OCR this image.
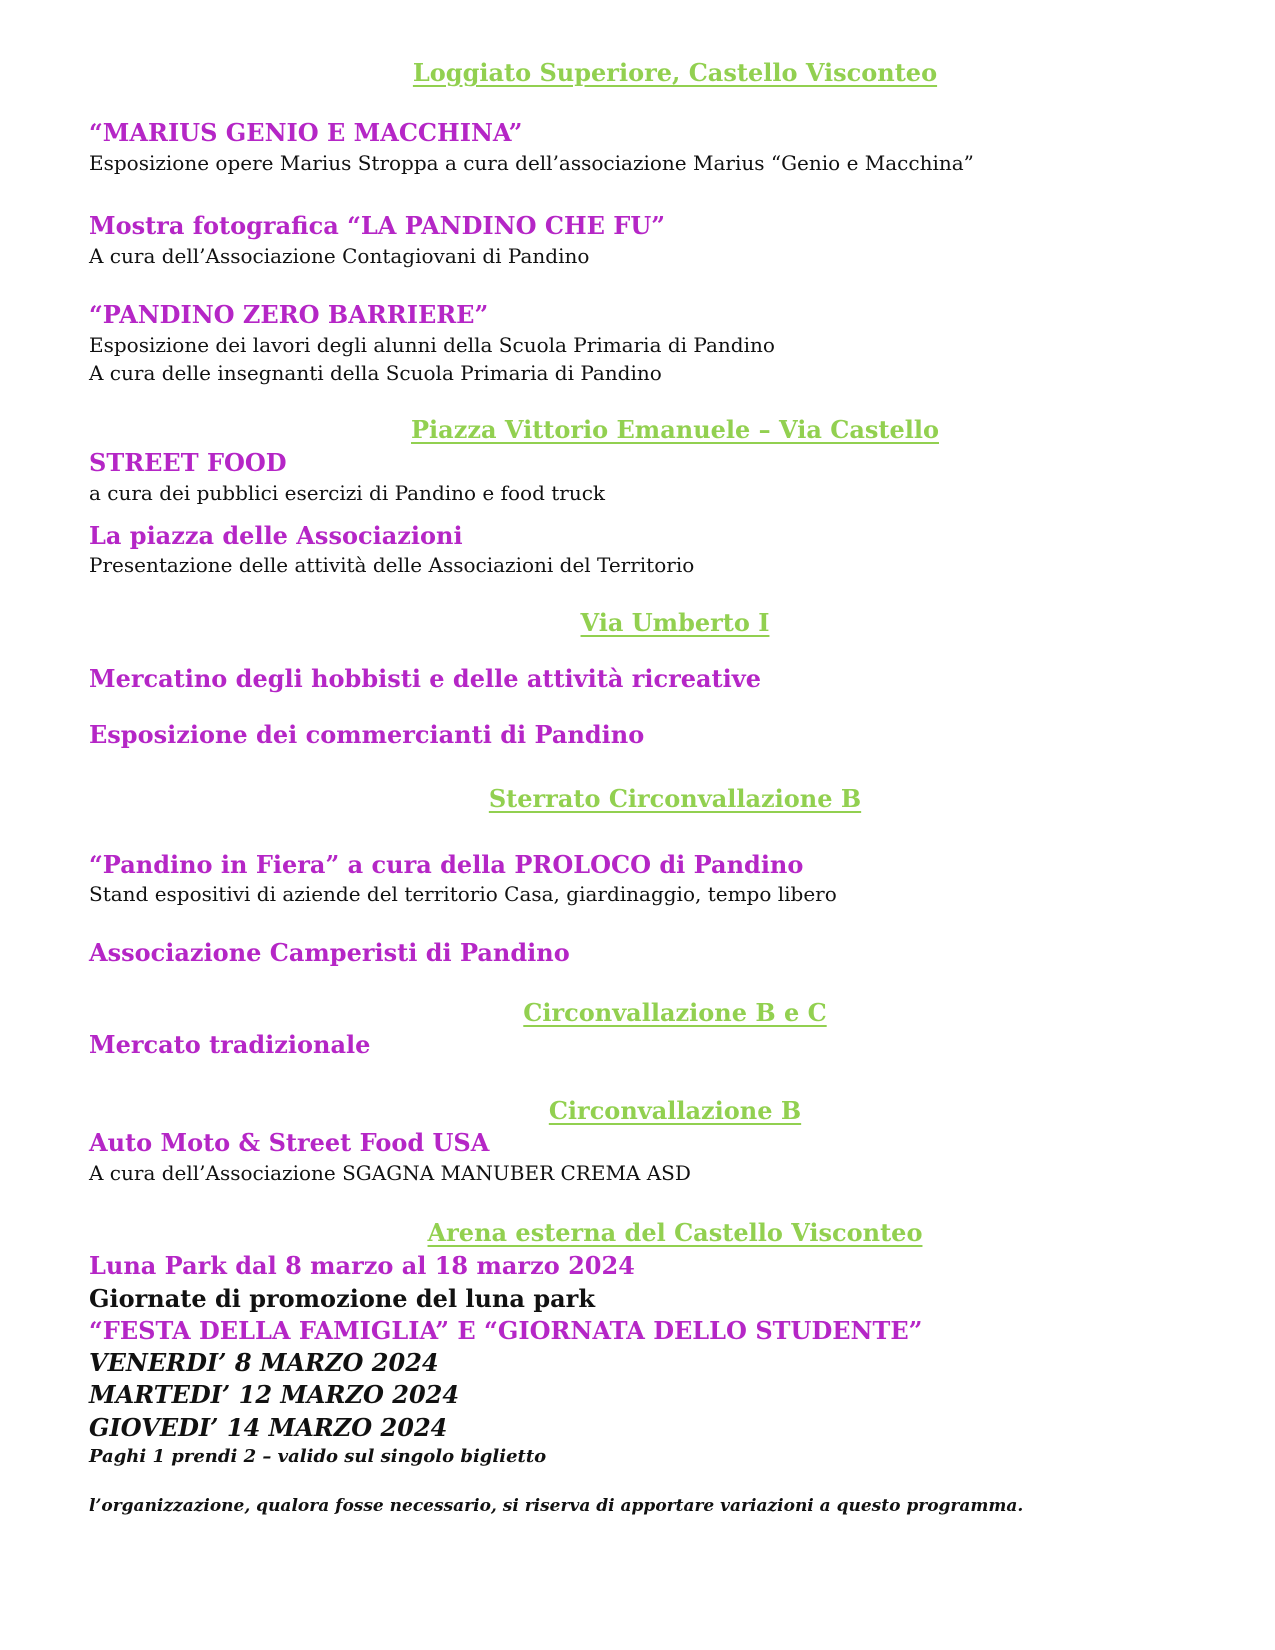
Loggiato Superiore, Castello Visconteo
“MARIUS GENIO E MACCHINA”
Esposizione opere Marius Stroppa a cura dell’associazione Marius “Genio e Macchina”
Mostra fotografica “LA PANDINO CHE FU”
A cura dell’Associazione Contagiovani di Pandino
“PANDINO ZERO BARRIERE”
Esposizione dei lavori degli alunni della Scuola Primaria di Pandino
A cura delle insegnanti della Scuola Primaria di Pandino
Piazza Vittorio Emanuele – Via Castello
STREET FOOD
a cura dei pubblici esercizi di Pandino e food truck
La piazza delle Associazioni
Presentazione delle attività delle Associazioni del Territorio
Via Umberto I
Mercatino degli hobbisti e delle attività ricreative
Esposizione dei commercianti di Pandino
Sterrato Circonvallazione B
“Pandino in Fiera” a cura della PROLOCO di Pandino
Stand espositivi di aziende del territorio Casa, giardinaggio, tempo libero
Associazione Camperisti di Pandino
Circonvallazione B e C
Mercato tradizionale
Circonvallazione B
Auto Moto & Street Food USA
A cura dell’Associazione SGAGNA MANUBER CREMA ASD
Arena esterna del Castello Visconteo
Luna Park dal 8 marzo al 18 marzo 2024
Giornate di promozione del luna park
“FESTA DELLA FAMIGLIA” E “GIORNATA DELLO STUDENTE”
VENERDI’ 8 MARZO 2024
MARTEDI’ 12 MARZO 2024
GIOVEDI’ 14 MARZO 2024
Paghi 1 prendi 2 – valido sul singolo biglietto
l’organizzazione, qualora fosse necessario, si riserva di apportare variazioni a questo programma.
